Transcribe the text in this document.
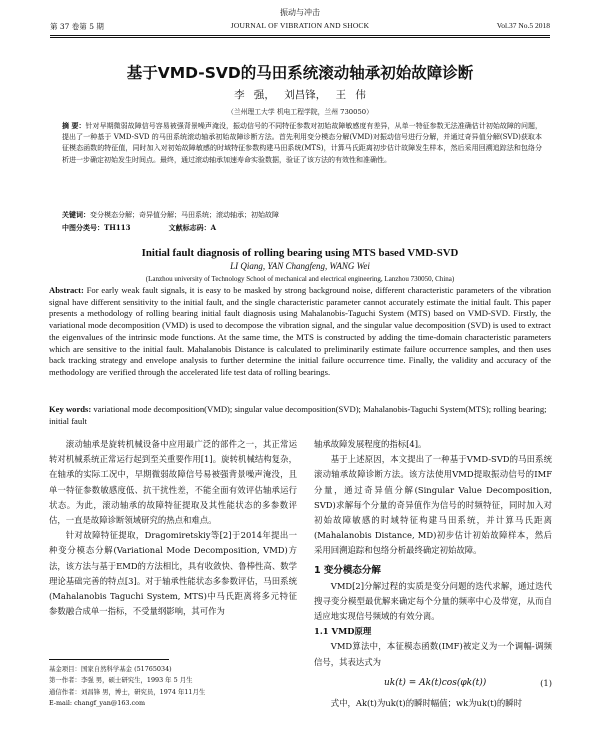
振动与冲击
JOURNAL OF VIBRATION AND SHOCK
第 37 卷第 5 期	Vol.37 No.5 2018
基于VMD-SVD的马田系统滚动轴承初始故障诊断
李 强， 刘昌锋， 王 伟
（兰州理工大学 机电工程学院，兰州 730050）
摘 要：针对早期微弱故障信号容易被强背景噪声淹没，振动信号的不同特征参数对初始故障敏感度有差异，从单一特征参数无法准确估计初始故障的问题，提出了一种基于 VMD-SVD 的马田系统滚动轴承初始故障诊断方法。首先利用变分模态分解(VMD)对振动信号进行分解，并通过奇异值分解(SVD)获取本征模态函数的特征值，同时加入对初始故障敏感的时域特征参数构建马田系统(MTS)，计算马氏距离初步估计故障发生样本，然后采用回溯追踪法和包络分析进一步确定初始发生时间点。最终，通过滚动轴承加速寿命实验数据，验证了该方法的有效性和准确性。
关键词：变分模态分解；奇异值分解；马田系统；滚动轴承；初始故障
中图分类号：TH113	文献标志码：A
Initial fault diagnosis of rolling bearing using MTS based VMD-SVD
LI Qiang, YAN Changfeng, WANG Wei
(Lanzhou university of Technology School of mechanical and electrical engineering, Lanzhou 730050, China)
Abstract: For early weak fault signals, it is easy to be masked by strong background noise, different characteristic parameters of the vibration signal have different sensitivity to the initial fault, and the single characteristic parameter cannot accurately estimate the initial fault. This paper presents a methodology of rolling bearing initial fault diagnosis using Mahalanobis-Taguchi System (MTS) based on VMD-SVD. Firstly, the variational mode decomposition (VMD) is used to decompose the vibration signal, and the singular value decomposition (SVD) is used to extract the eigenvalues of the intrinsic mode functions. At the same time, the MTS is constructed by adding the time-domain characteristic parameters which are sensitive to the initial fault. Mahalanobis Distance is calculated to preliminarily estimate failure occurrence samples, and then uses back tracking strategy and envelope analysis to further determine the initial failure occurrence time. Finally, the validity and accuracy of the methodology are verified through the accelerated life test data of rolling bearings.
Key words: variational mode decomposition(VMD); singular value decomposition(SVD); Mahalanobis-Taguchi System(MTS); rolling bearing; initial fault

滚动轴承是旋转机械设备中应用最广泛的部件之一，其正常运转对机械系统正常运行起到至关重要作用[1]。旋转机械结构复杂，在轴承的实际工况中，早期微弱故障信号易被强背景噪声淹没，且单一特征参数敏感度低、抗干扰性差，不能全面有效评估轴承运行状态。为此，滚动轴承的故障特征提取及其性能状态的多参数评估，一直是故障诊断领域研究的热点和难点。

针对故障特征提取，Dragomiretskiy等[2]于2014年提出一种变分模态分解(Variational Mode Decomposition, VMD)方法，该方法与基于EMD的方法相比，具有收敛快、鲁棒性高、数学理论基础完善的特点[3]。对于轴承性能状态多参数评估，马田系统(Mahalanobis Taguchi System, MTS)中马氏距离将多元特征参数融合成单一指标，不受量纲影响，其可作为

轴承故障发展程度的指标[4]。

基于上述原因，本文提出了一种基于VMD-SVD的马田系统滚动轴承故障诊断方法。该方法使用VMD提取振动信号的IMF分量，通过奇异值分解(Singular Value Decomposition, SVD)求解每个分量的奇异值作为信号的时频特征，同时加入对初始故障敏感的时域特征构建马田系统，并计算马氏距离(Mahalanobis Distance, MD)初步估计初始故障样本，然后采用回溯追踪和包络分析最终确定初始故障。

1 变分模态分解

VMD[2]分解过程的实质是变分问题的迭代求解，通过迭代搜寻变分模型最优解来确定每个分量的频率中心及带宽，从而自适应地实现信号频域的有效分离。

1.1 VMD原理

VMD算法中，本征模态函数(IMF)被定义为一个调幅-调频信号，其表达式为

uk(t) = Ak(t)cos(φk(t))	(1)

式中，Ak(t)为uk(t)的瞬时幅值；wk为uk(t)的瞬时

基金项目：国家自然科学基金 (51765034)
第一作者：李强 男，硕士研究生，1993 年 5 月生
通信作者：刘昌锋 男，博士，研究员，1974 年11月生
E-mail: changf_yan@163.com
